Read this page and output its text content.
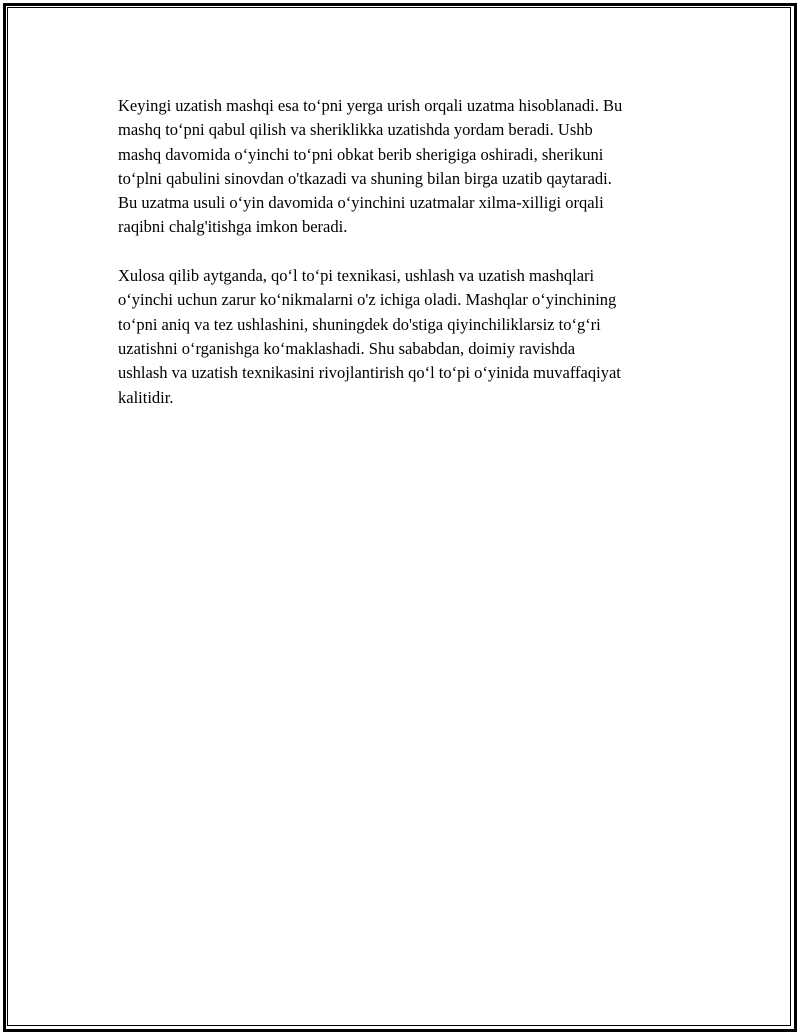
Keyingi uzatish mashqi esa to‘pni yerga urish orqali uzatma hisoblanadi. Bu
mashq to‘pni qabul qilish va sheriklikka uzatishda yordam beradi. Ushb
mashq davomida o‘yinchi to‘pni obkat berib sherigiga oshiradi, sherikuni
to‘plni qabulini sinovdan o'tkazadi va shuning bilan birga uzatib qaytaradi.
Bu uzatma usuli o‘yin davomida o‘yinchini uzatmalar xilma-xilligi orqali
raqibni chalg'itishga imkon beradi.

Xulosa qilib aytganda, qo‘l to‘pi texnikasi, ushlash va uzatish mashqlari
o‘yinchi uchun zarur ko‘nikmalarni o'z ichiga oladi. Mashqlar o‘yinchining
to‘pni aniq va tez ushlashini, shuningdek do'stiga qiyinchiliklarsiz to‘g‘ri
uzatishni o‘rganishga ko‘maklashadi. Shu sababdan, doimiy ravishda
ushlash va uzatish texnikasini rivojlantirish qo‘l to‘pi o‘yinida muvaffaqiyat
kalitidir.
